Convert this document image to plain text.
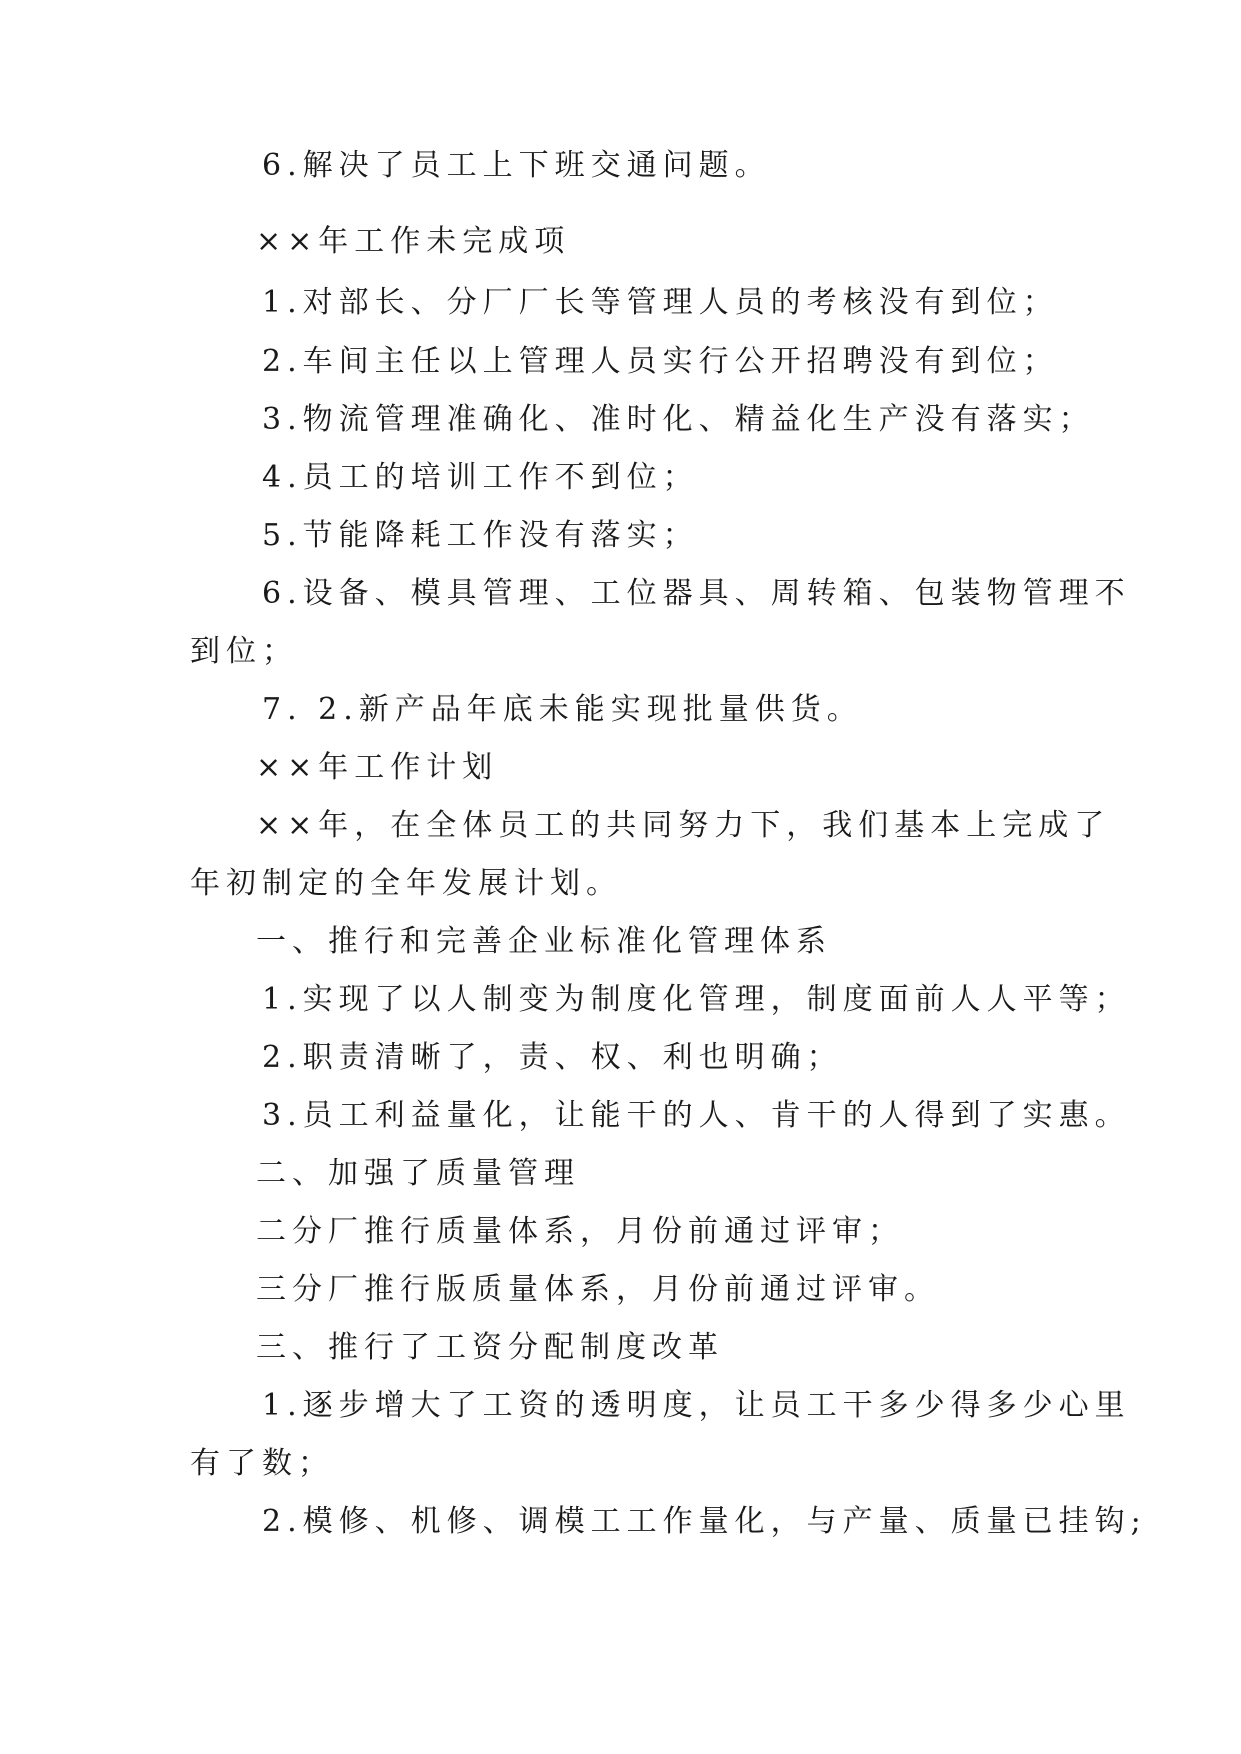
6.解决了员工上下班交通问题。

××年工作未完成项

1.对部长、分厂厂长等管理人员的考核没有到位；

2.车间主任以上管理人员实行公开招聘没有到位；

3.物流管理准确化、准时化、精益化生产没有落实；

4.员工的培训工作不到位；

5.节能降耗工作没有落实；

6.设备、模具管理、工位器具、周转箱、包装物管理不

到位；

7. 2.新产品年底未能实现批量供货。

××年工作计划

××年，在全体员工的共同努力下，我们基本上完成了

年初制定的全年发展计划。

一、推行和完善企业标准化管理体系

1.实现了以人制变为制度化管理，制度面前人人平等；

2.职责清晰了，责、权、利也明确；

3.员工利益量化，让能干的人、肯干的人得到了实惠。

二、加强了质量管理

二分厂推行质量体系，月份前通过评审；

三分厂推行版质量体系，月份前通过评审。

三、推行了工资分配制度改革

1.逐步增大了工资的透明度，让员工干多少得多少心里

有了数；

2.模修、机修、调模工工作量化，与产量、质量已挂钩;
